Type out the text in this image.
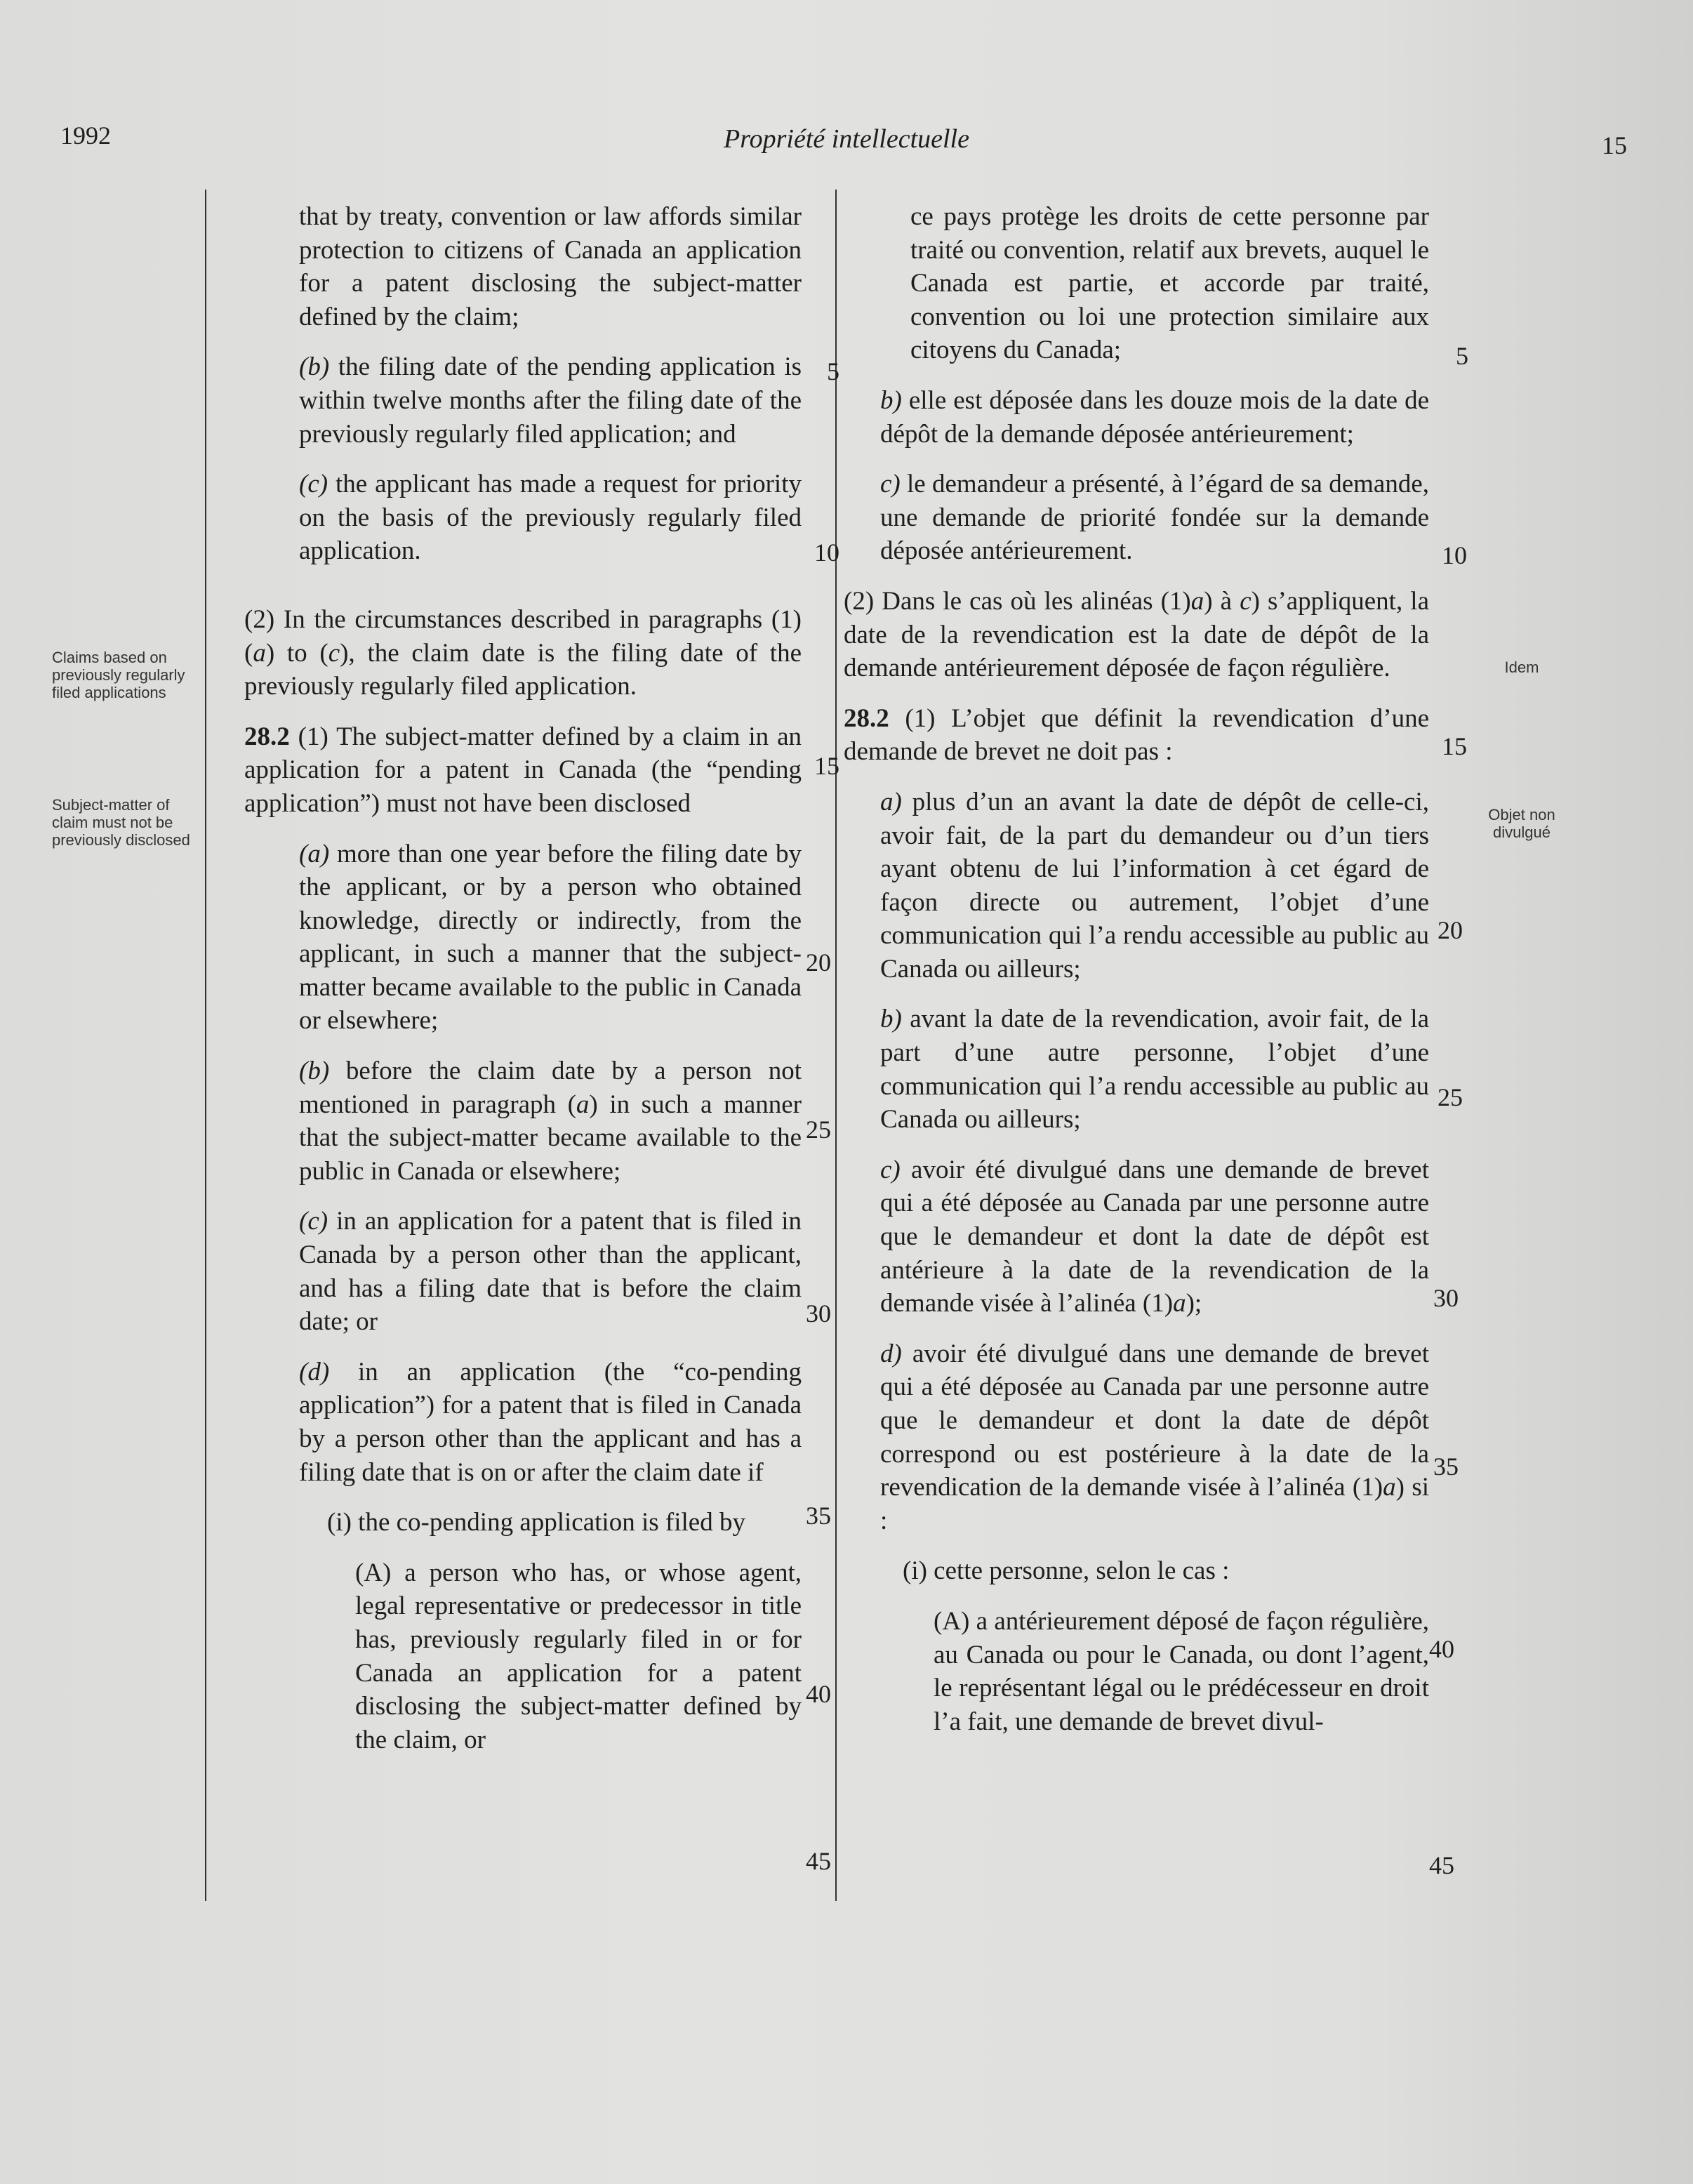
1992	Propriété intellectuelle	15
Claims based on previously regularly filed applications
Subject-matter of claim must not be previously disclosed
Idem
Objet non divulgué

that by treaty, convention or law affords similar protection to citizens of Canada an application for a patent disclosing the subject-matter defined by the claim;

(b) the filing date of the pending application is within twelve months after the filing date of the previously regularly filed application; and

(c) the applicant has made a request for priority on the basis of the previously regularly filed application.

(2) In the circumstances described in paragraphs (1)(a) to (c), the claim date is the filing date of the previously regularly filed application.

28.2 (1) The subject-matter defined by a claim in an application for a patent in Canada (the “pending application”) must not have been disclosed

(a) more than one year before the filing date by the applicant, or by a person who obtained knowledge, directly or indirectly, from the applicant, in such a manner that the subject-matter became available to the public in Canada or elsewhere;

(b) before the claim date by a person not mentioned in paragraph (a) in such a manner that the subject-matter became available to the public in Canada or elsewhere;

(c) in an application for a patent that is filed in Canada by a person other than the applicant, and has a filing date that is before the claim date; or

(d) in an application (the “co-pending application”) for a patent that is filed in Canada by a person other than the applicant and has a filing date that is on or after the claim date if

(i) the co-pending application is filed by

(A) a person who has, or whose agent, legal representative or predecessor in title has, previously regularly filed in or for Canada an application for a patent disclosing the subject-matter defined by the claim, or

ce pays protège les droits de cette personne par traité ou convention, relatif aux brevets, auquel le Canada est partie, et accorde par traité, convention ou loi une protection similaire aux citoyens du Canada;

b) elle est déposée dans les douze mois de la date de dépôt de la demande déposée antérieurement;

c) le demandeur a présenté, à l’égard de sa demande, une demande de priorité fondée sur la demande déposée antérieurement.

(2) Dans le cas où les alinéas (1)a) à c) s’appliquent, la date de la revendication est la date de dépôt de la demande antérieurement déposée de façon régulière.

28.2 (1) L’objet que définit la revendication d’une demande de brevet ne doit pas :

a) plus d’un an avant la date de dépôt de celle-ci, avoir fait, de la part du demandeur ou d’un tiers ayant obtenu de lui l’information à cet égard de façon directe ou autrement, l’objet d’une communication qui l’a rendu accessible au public au Canada ou ailleurs;

b) avant la date de la revendication, avoir fait, de la part d’une autre personne, l’objet d’une communication qui l’a rendu accessible au public au Canada ou ailleurs;

c) avoir été divulgué dans une demande de brevet qui a été déposée au Canada par une personne autre que le demandeur et dont la date de dépôt est antérieure à la date de la revendication de la demande visée à l’alinéa (1)a);

d) avoir été divulgué dans une demande de brevet qui a été déposée au Canada par une personne autre que le demandeur et dont la date de dépôt correspond ou est postérieure à la date de la revendication de la demande visée à l’alinéa (1)a) si :

(i) cette personne, selon le cas :

(A) a antérieurement déposé de façon régulière, au Canada ou pour le Canada, ou dont l’agent, le représentant légal ou le prédécesseur en droit l’a fait, une demande de brevet divul-

5
10
15
20
25
30
35
40
45
5
10
15
20
25
30
35
40
45
